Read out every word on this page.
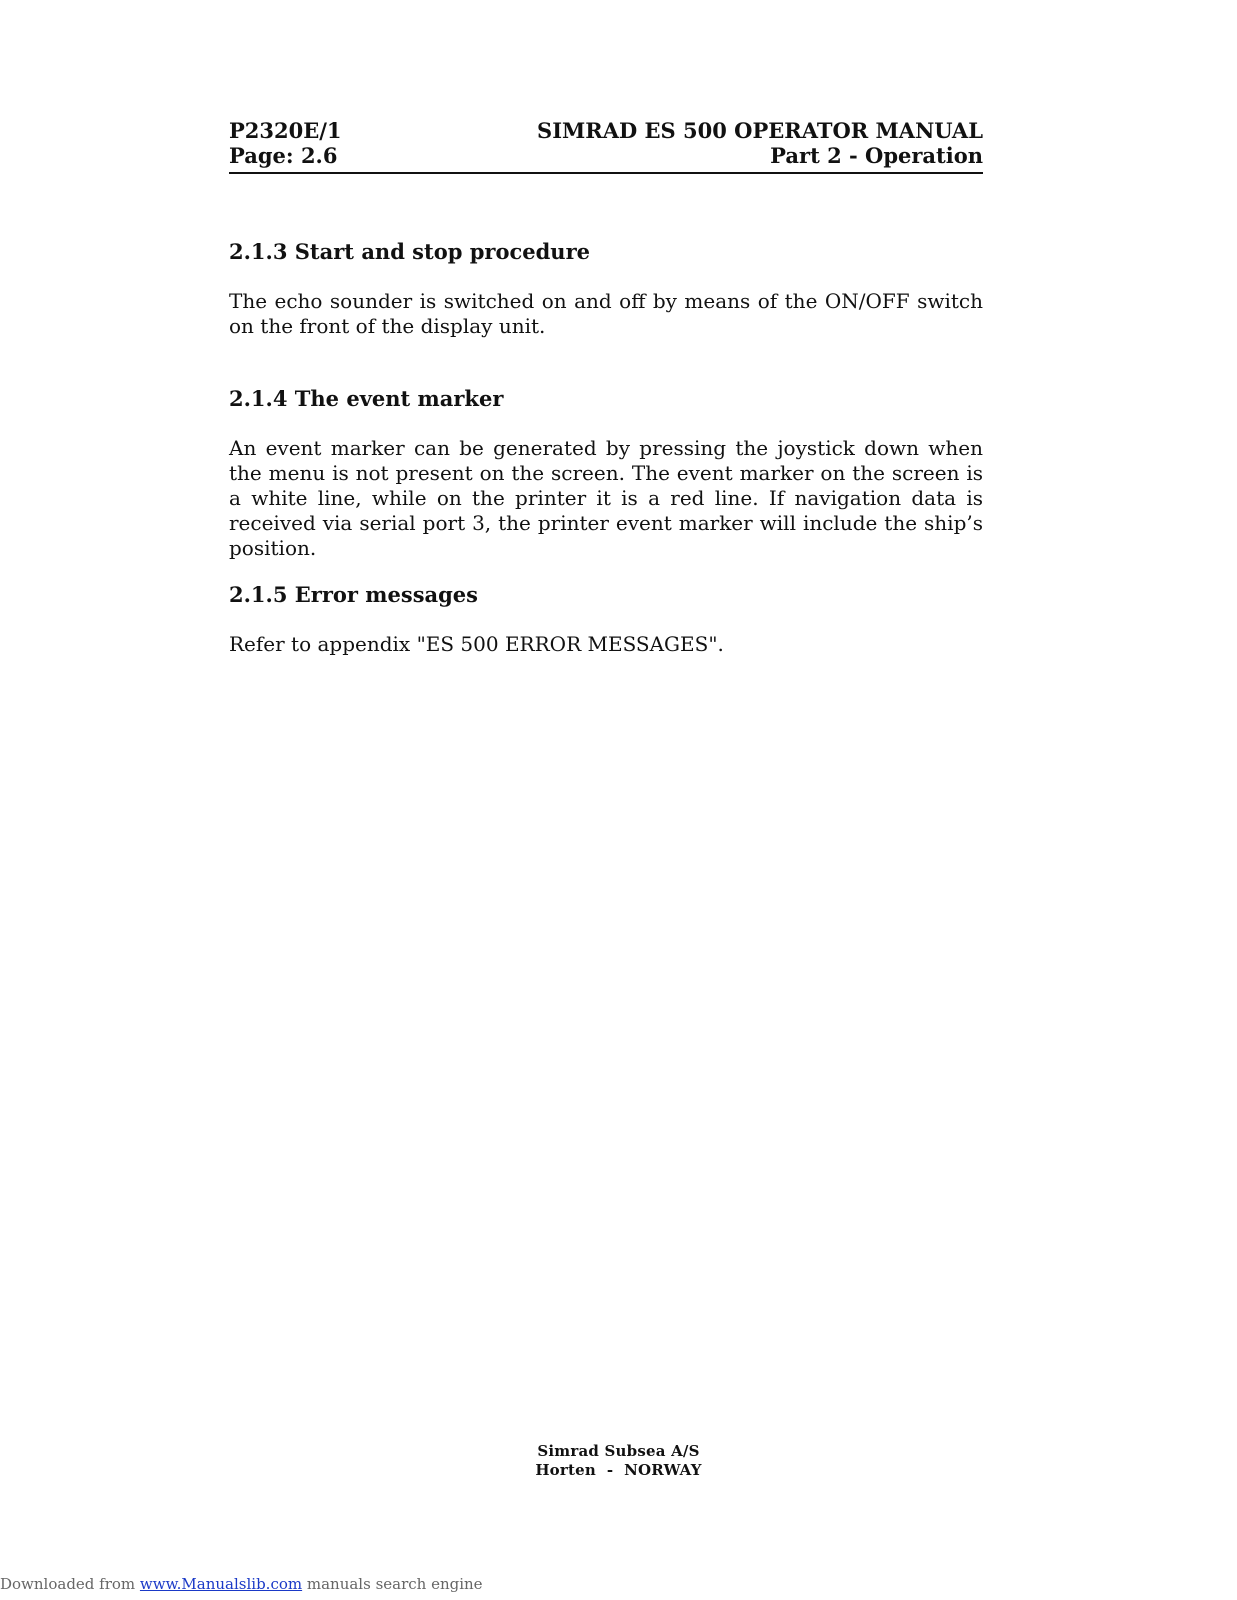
P2320E/1
Page: 2.6
SIMRAD ES 500 OPERATOR MANUAL
Part 2 - Operation
2.1.3 Start and stop procedure

The echo sounder is switched on and off by means of the ON/OFF switch on the front of the display unit.

2.1.4 The event marker

An event marker can be generated by pressing the joystick down when the menu is not present on the screen. The event marker on the screen is a white line, while on the printer it is a red line. If navigation data is received via serial port 3, the printer event marker will include the ship’s position.

2.1.5 Error messages

Refer to appendix "ES 500 ERROR MESSAGES".

Simrad Subsea A/S
Horten  -  NORWAY
Downloaded from www.Manualslib.com manuals search engine
